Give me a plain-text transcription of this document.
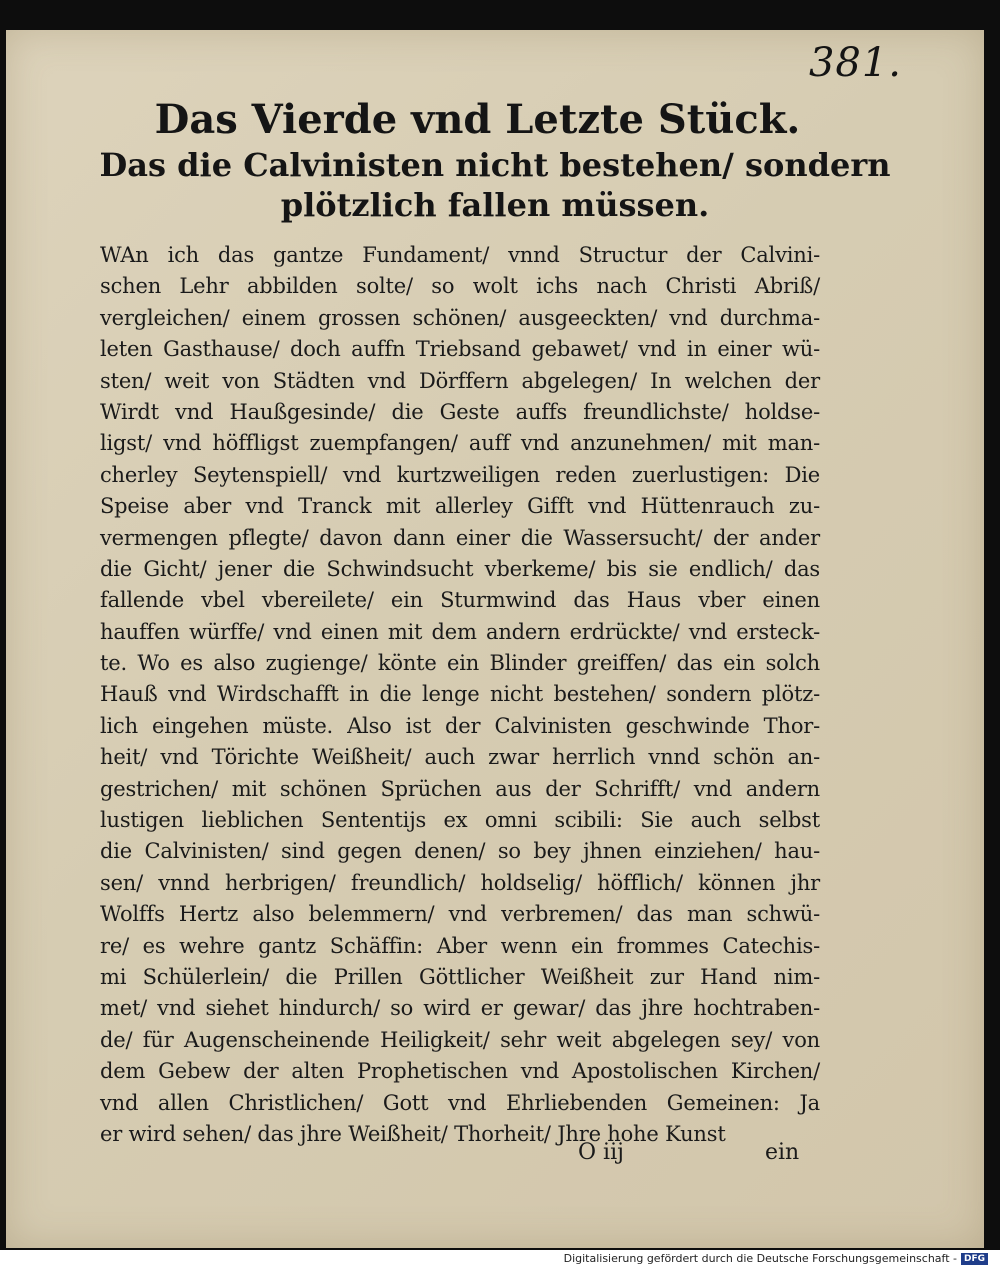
381.
Das Vierde vnd Letzte Stück.
Das die Calvinisten nicht bestehen/ sondern
plötzlich fallen müssen.
WAn ich das gantze Fundament/ vnnd Structur der Calvini-
schen Lehr abbilden solte/ so wolt ichs nach Christi Abriß/
vergleichen/ einem grossen schönen/ ausgeeckten/ vnd durchma-
leten Gasthause/ doch auffn Triebsand gebawet/ vnd in einer wü-
sten/ weit von Städten vnd Dörffern abgelegen/ In welchen der
Wirdt vnd Haußgesinde/ die Geste auffs freundlichste/ holdse-
ligst/ vnd höffligst zuempfangen/ auff vnd anzunehmen/ mit man-
cherley Seytenspiell/ vnd kurtzweiligen reden zuerlustigen: Die
Speise aber vnd Tranck mit allerley Gifft vnd Hüttenrauch zu-
vermengen pflegte/ davon dann einer die Wassersucht/ der ander
die Gicht/ jener die Schwindsucht vberkeme/ bis sie endlich/ das
fallende vbel vbereilete/ ein Sturmwind das Haus vber einen
hauffen würffe/ vnd einen mit dem andern erdrückte/ vnd ersteck-
te. Wo es also zugienge/ könte ein Blinder greiffen/ das ein solch
Hauß vnd Wirdschafft in die lenge nicht bestehen/ sondern plötz-
lich eingehen müste. Also ist der Calvinisten geschwinde Thor-
heit/ vnd Törichte Weißheit/ auch zwar herrlich vnnd schön an-
gestrichen/ mit schönen Sprüchen aus der Schrifft/ vnd andern
lustigen lieblichen Sententijs ex omni scibili: Sie auch selbst
die Calvinisten/ sind gegen denen/ so bey jhnen einziehen/ hau-
sen/ vnnd herbrigen/ freundlich/ holdselig/ höfflich/ können jhr
Wolffs Hertz also belemmern/ vnd verbremen/ das man schwü-
re/ es wehre gantz Schäffin: Aber wenn ein frommes Catechis-
mi Schülerlein/ die Prillen Göttlicher Weißheit zur Hand nim-
met/ vnd siehet hindurch/ so wird er gewar/ das jhre hochtraben-
de/ für Augenscheinende Heiligkeit/ sehr weit abgelegen sey/ von
dem Gebew der alten Prophetischen vnd Apostolischen Kirchen/
vnd allen Christlichen/ Gott vnd Ehrliebenden Gemeinen: Ja
er wird sehen/ das jhre Weißheit/ Thorheit/ Jhre hohe Kunst
O iij	ein
Digitalisierung gefördert durch die Deutsche Forschungsgemeinschaft - DFG
